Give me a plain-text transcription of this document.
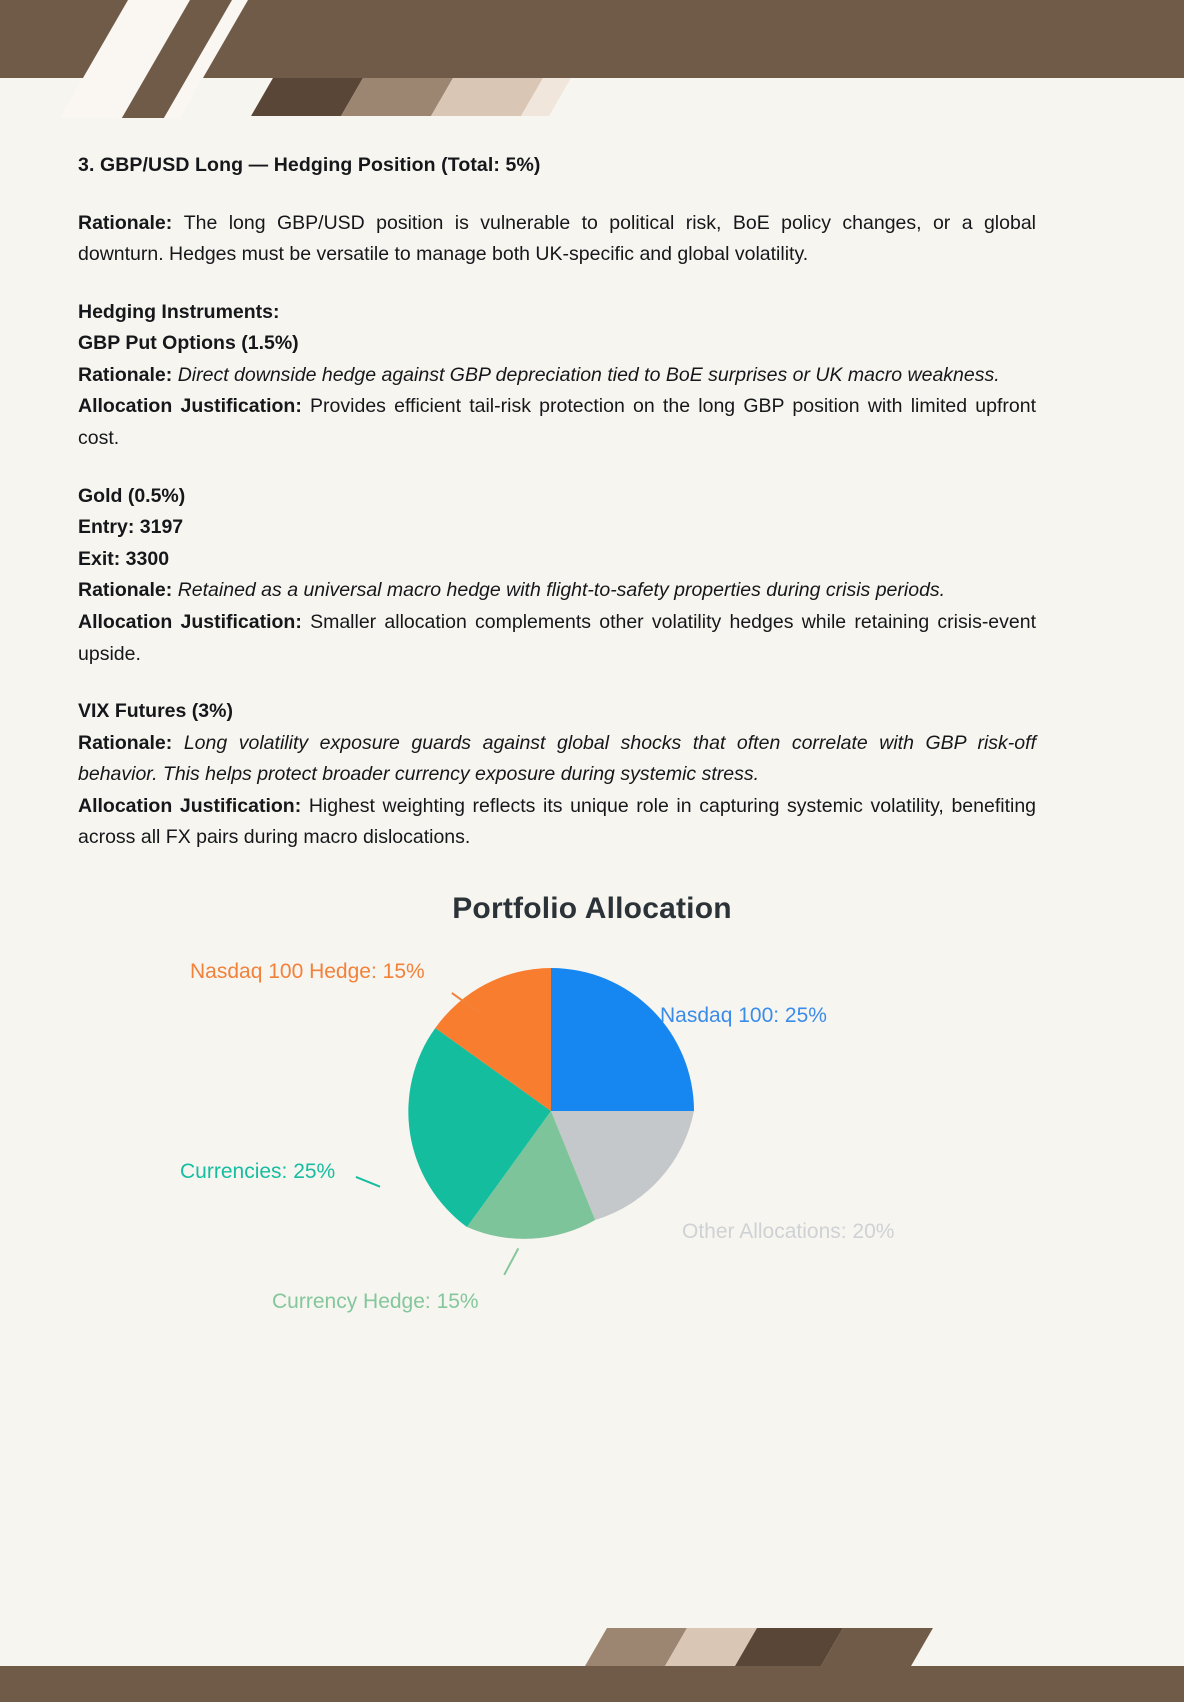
3. GBP/USD Long — Hedging Position (Total: 5%)

Rationale: The long GBP/USD position is vulnerable to political risk, BoE policy changes, or a global downturn. Hedges must be versatile to manage both UK-specific and global volatility.

Hedging Instruments:

GBP Put Options (1.5%)

Rationale: Direct downside hedge against GBP depreciation tied to BoE surprises or UK macro weakness.

Allocation Justification: Provides efficient tail-risk protection on the long GBP position with limited upfront cost.

Gold (0.5%)

Entry: 3197

Exit: 3300

Rationale: Retained as a universal macro hedge with flight-to-safety properties during crisis periods.

Allocation Justification: Smaller allocation complements other volatility hedges while retaining crisis-event upside.

VIX Futures (3%)

Rationale: Long volatility exposure guards against global shocks that often correlate with GBP risk-off behavior. This helps protect broader currency exposure during systemic stress.

Allocation Justification: Highest weighting reflects its unique role in capturing systemic volatility, benefiting across all FX pairs during macro dislocations.

Portfolio Allocation
Nasdaq 100: 25%
Other Allocations: 20%
Currency Hedge: 15%
Currencies: 25%
Nasdaq 100 Hedge: 15%
